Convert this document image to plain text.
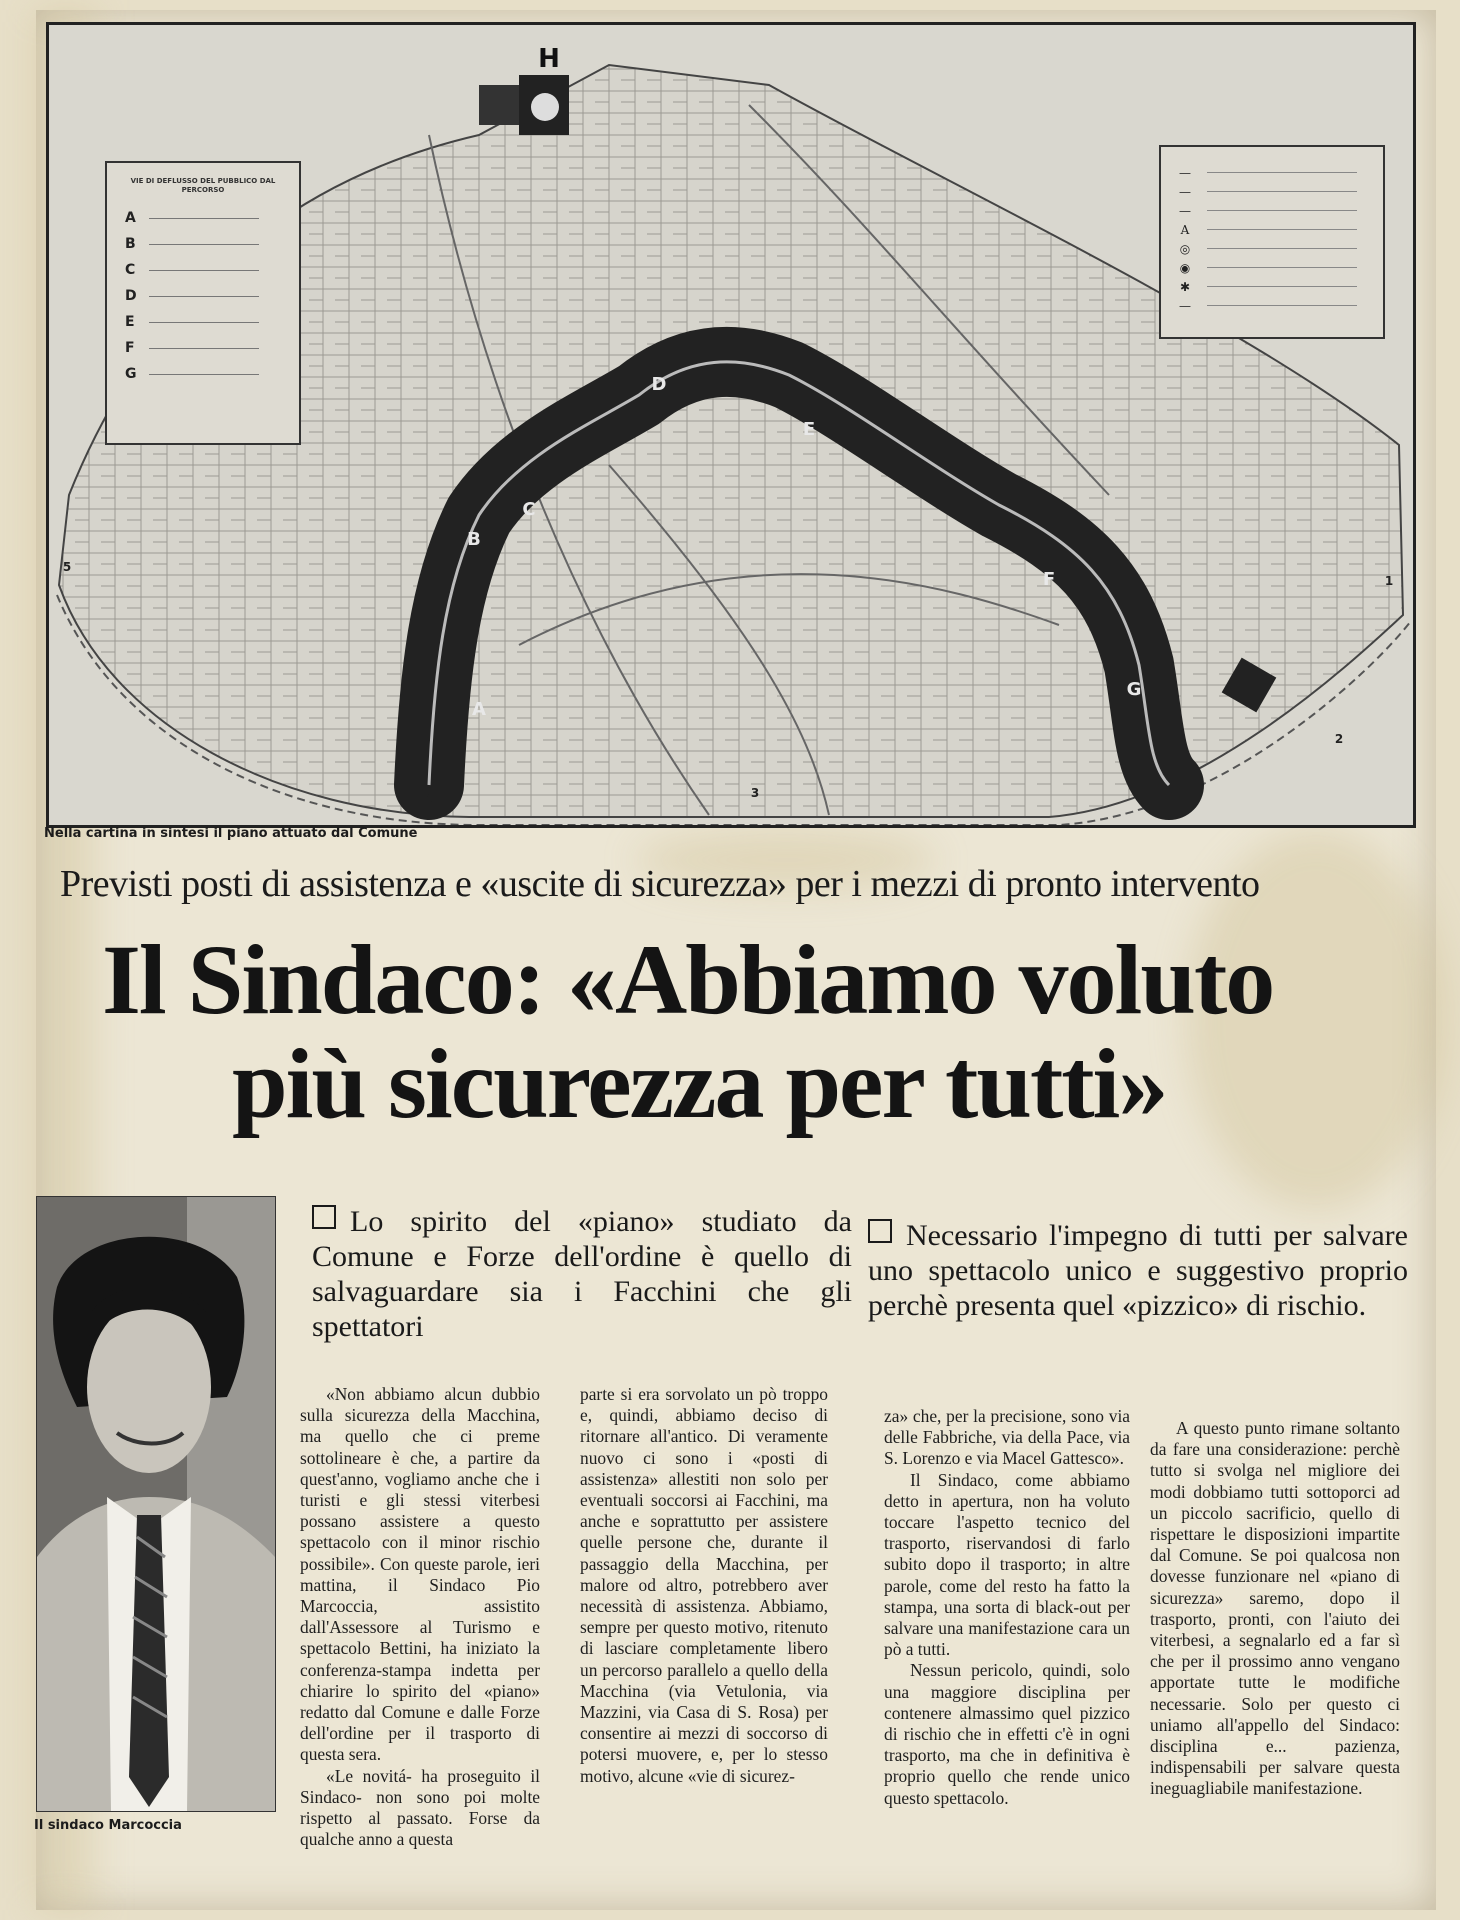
H
A
B
C
D
E
F
G
1
2
3
4
5
VIE DI DEFLUSSO DEL PUBBLICO DAL PERCORSO
A
B
C
D
E
F
G
—
—
—
A
◎
◉
✱
—
Nella cartina in sintesi il piano attuato dal Comune
Previsti posti di assistenza e «uscite di sicurezza» per i mezzi di pronto intervento
Il Sindaco: «Abbiamo voluto
più sicurezza per tutti»
Il sindaco Marcoccia
Lo spirito del «piano» studiato da Comune e Forze dell'ordine è quello di salvaguardare sia i Facchini che gli spettatori
Necessario l'impegno di tutti per salvare uno spettacolo unico e suggestivo proprio perchè presenta quel «pizzico» di rischio.

«Non abbiamo alcun dubbio sulla sicurezza della Macchina, ma quello che ci preme sottolineare è che, a partire da quest'anno, vogliamo anche che i turisti e gli stessi viterbesi possano assistere a questo spettacolo con il minor rischio possibile». Con queste parole, ieri mattina, il Sindaco Pio Marcoccia, assistito dall'Assessore al Turismo e spettacolo Bettini, ha iniziato la conferenza-stampa indetta per chiarire lo spirito del «piano» redatto dal Comune e dalle Forze dell'ordine per il trasporto di questa sera.

«Le novitá- ha proseguito il Sindaco- non sono poi molte rispetto al passato. Forse da qualche anno a questa

parte si era sorvolato un pò troppo e, quindi, abbiamo deciso di ritornare all'antico. Di veramente nuovo ci sono i «posti di assistenza» allestiti non solo per eventuali soccorsi ai Facchini, ma anche e soprattutto per assistere quelle persone che, durante il passaggio della Macchina, per malore od altro, potrebbero aver necessità di assistenza. Abbiamo, sempre per questo motivo, ritenuto di lasciare completamente libero un percorso parallelo a quello della Macchina (via Vetulonia, via Mazzini, via Casa di S. Rosa) per consentire ai mezzi di soccorso di potersi muovere, e, per lo stesso motivo, alcune «vie di sicurez-

za» che, per la precisione, sono via delle Fabbriche, via della Pace, via S. Lorenzo e via Macel Gattesco».

Il Sindaco, come abbiamo detto in apertura, non ha voluto toccare l'aspetto tecnico del trasporto, riservandosi di farlo subito dopo il trasporto; in altre parole, come del resto ha fatto la stampa, una sorta di black-out per salvare una manifestazione cara un pò a tutti.

Nessun pericolo, quindi, solo una maggiore disciplina per contenere almassimo quel pizzico di rischio che in effetti c'è in ogni trasporto, ma che in definitiva è proprio quello che rende unico questo spettacolo.

A questo punto rimane soltanto da fare una considerazione: perchè tutto si svolga nel migliore dei modi dobbiamo tutti sottoporci ad un piccolo sacrificio, quello di rispettare le disposizioni impartite dal Comune. Se poi qualcosa non dovesse funzionare nel «piano di sicurezza» saremo, dopo il trasporto, pronti, con l'aiuto dei viterbesi, a segnalarlo ed a far sì che per il prossimo anno vengano apportate tutte le modifiche necessarie. Solo per questo ci uniamo all'appello del Sindaco: disciplina e... pazienza, indispensabili per salvare questa ineguagliabile manifestazione.
